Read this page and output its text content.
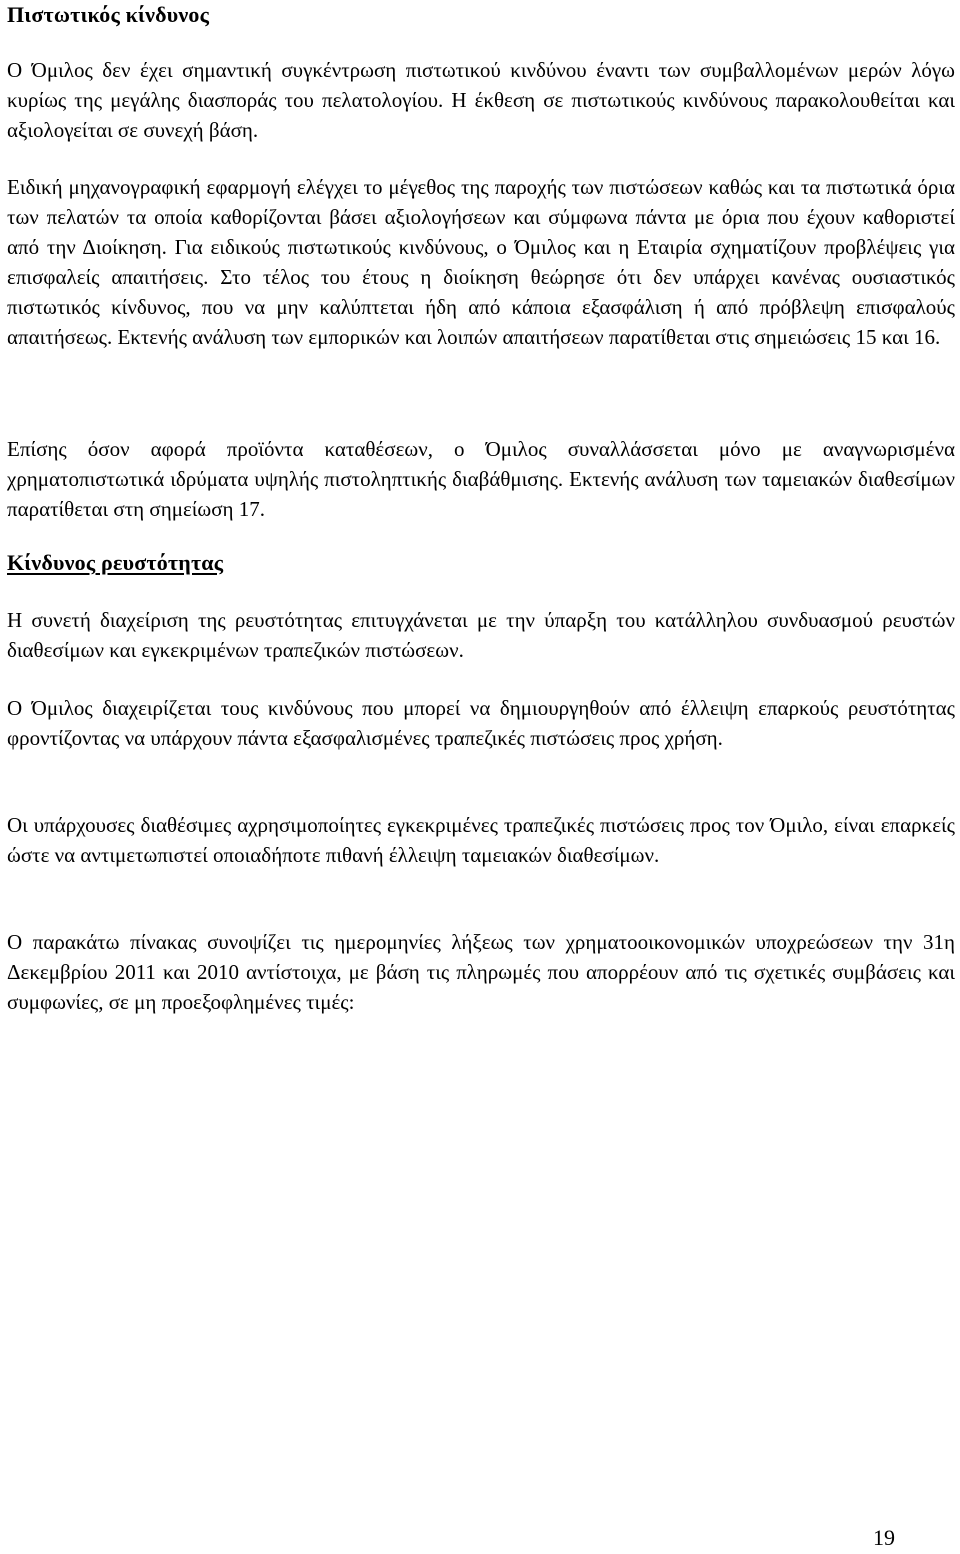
Πιστωτικός κίνδυνος

Ο Όμιλος δεν έχει σημαντική συγκέντρωση πιστωτικού κινδύνου έναντι των συμβαλλομένων μερών λόγω κυρίως της μεγάλης διασποράς του πελατολογίου. Η έκθεση σε πιστωτικούς κινδύνους παρακολουθείται και αξιολογείται σε συνεχή βάση.

Ειδική μηχανογραφική εφαρμογή ελέγχει το μέγεθος της παροχής των πιστώσεων καθώς και τα πιστωτικά όρια των πελατών τα οποία καθορίζονται βάσει αξιολογήσεων και σύμφωνα πάντα με όρια που έχουν καθοριστεί από την Διοίκηση. Για ειδικούς πιστωτικούς κινδύνους, ο Όμιλος και η Εταιρία σχηματίζουν προβλέψεις για επισφαλείς απαιτήσεις. Στο τέλος του έτους η διοίκηση θεώρησε ότι δεν υπάρχει κανένας ουσιαστικός πιστωτικός κίνδυνος, που να μην καλύπτεται ήδη από κάποια εξασφάλιση ή από πρόβλεψη επισφαλούς απαιτήσεως. Εκτενής ανάλυση των εμπορικών και λοιπών απαιτήσεων παρατίθεται στις σημειώσεις 15 και 16.

Επίσης όσον αφορά προϊόντα καταθέσεων, ο Όμιλος συναλλάσσεται μόνο με αναγνωρισμένα χρηματοπιστωτικά ιδρύματα υψηλής πιστοληπτικής διαβάθμισης. Εκτενής ανάλυση των ταμειακών διαθεσίμων παρατίθεται στη σημείωση 17.

Κίνδυνος ρευστότητας

Η συνετή διαχείριση της ρευστότητας επιτυγχάνεται με την ύπαρξη του κατάλληλου συνδυασμού ρευστών διαθεσίμων και εγκεκριμένων τραπεζικών πιστώσεων.

Ο Όμιλος διαχειρίζεται τους κινδύνους που μπορεί να δημιουργηθούν από έλλειψη επαρκούς ρευστότητας φροντίζοντας να υπάρχουν πάντα εξασφαλισμένες τραπεζικές πιστώσεις προς χρήση.

Οι υπάρχουσες διαθέσιμες αχρησιμοποίητες εγκεκριμένες τραπεζικές πιστώσεις προς τον Όμιλο, είναι επαρκείς ώστε να αντιμετωπιστεί οποιαδήποτε πιθανή έλλειψη ταμειακών διαθεσίμων.

Ο παρακάτω πίνακας συνοψίζει τις ημερομηνίες λήξεως των χρηματοοικονομικών υποχρεώσεων την 31η Δεκεμβρίου 2011 και 2010 αντίστοιχα, με βάση τις πληρωμές που απορρέουν από τις σχετικές συμβάσεις και συμφωνίες, σε μη προεξοφλημένες τιμές:

19
